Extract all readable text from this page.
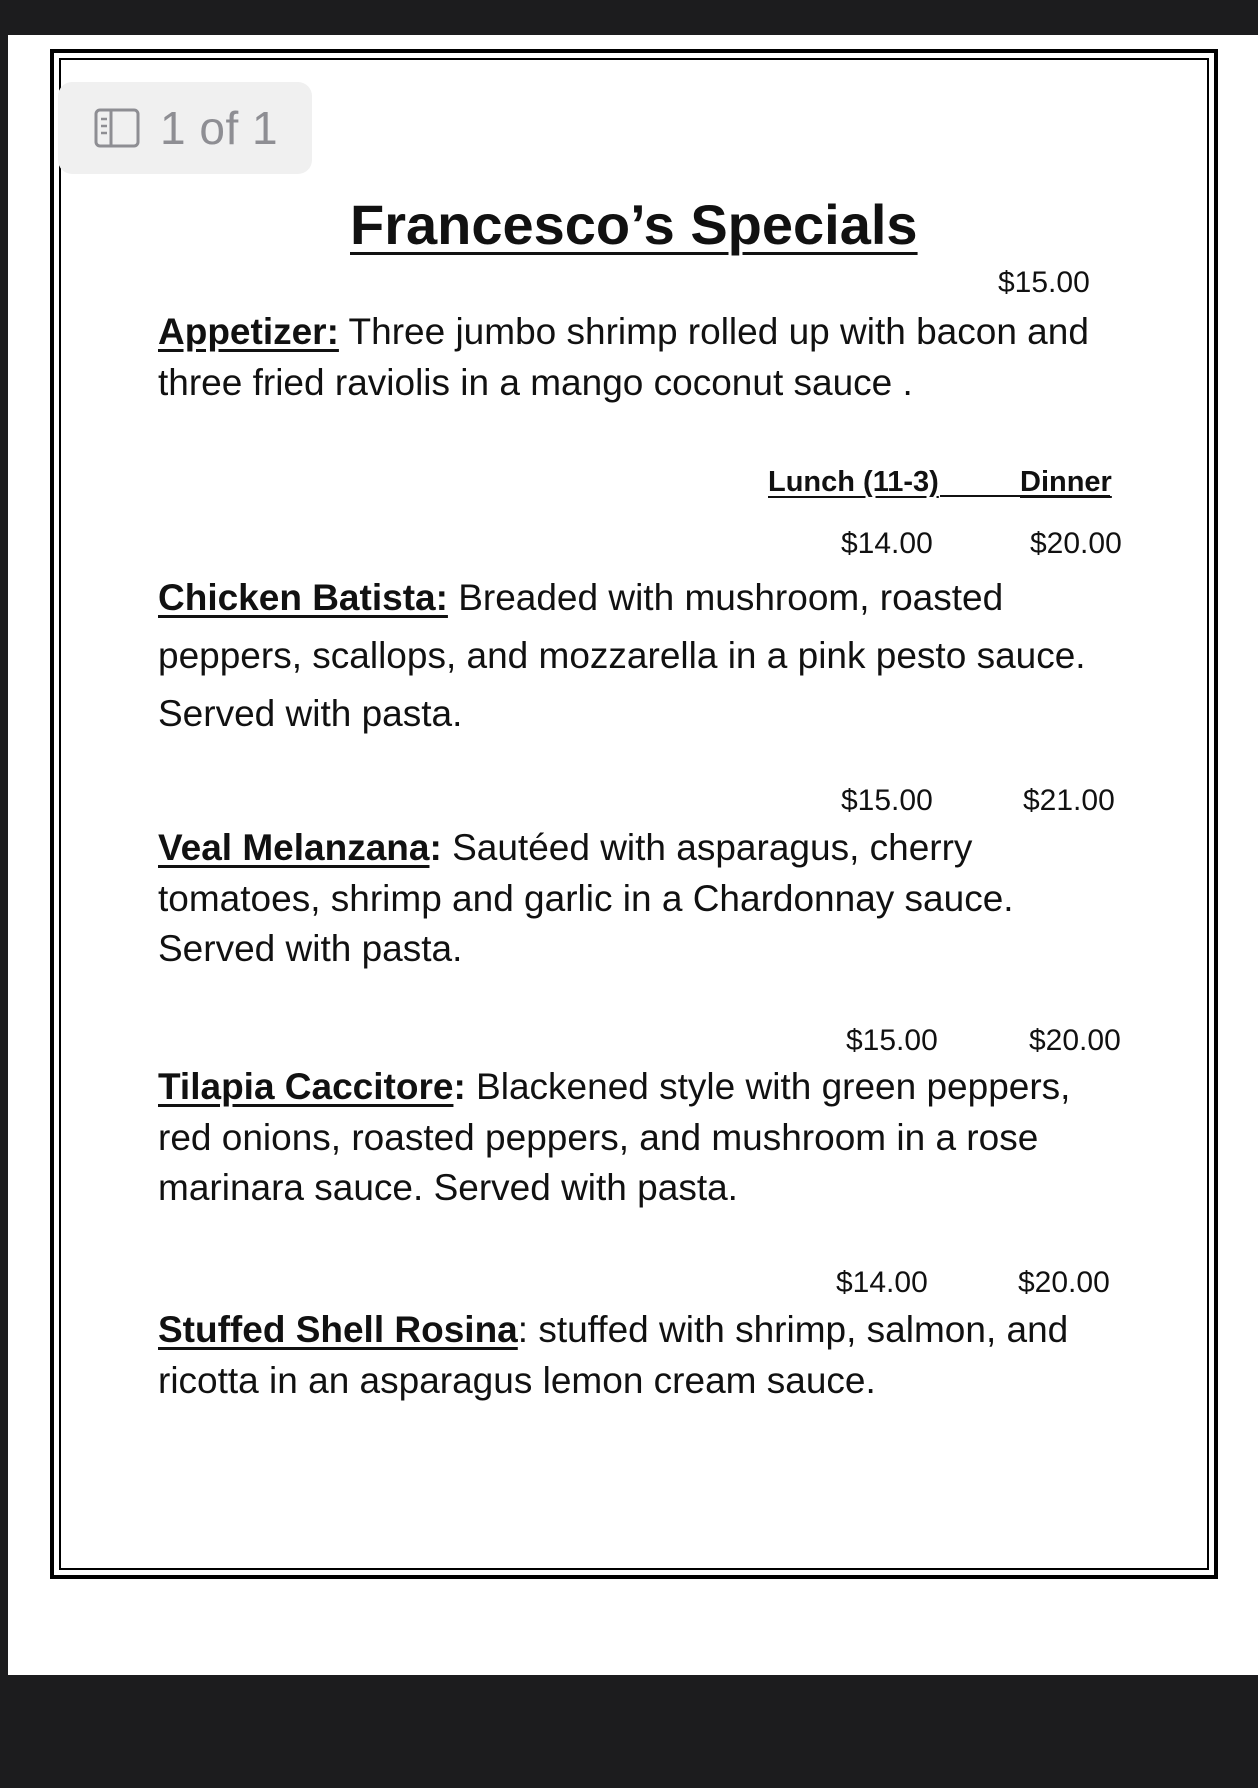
1 of 1
Francesco’s Specials
$15.00
Appetizer: Three jumbo shrimp rolled up with bacon and
three fried raviolis in a mango coconut sauce .
Lunch (11-3)	Dinner
$14.00	$20.00
Chicken Batista: Breaded with mushroom, roasted
peppers, scallops, and mozzarella in a pink pesto sauce.
Served with pasta.
$15.00	$21.00
Veal Melanzana: Sautéed with asparagus, cherry
tomatoes, shrimp and garlic in a Chardonnay sauce.
Served with pasta.
$15.00	$20.00
Tilapia Caccitore: Blackened style with green peppers,
red onions, roasted peppers, and mushroom in a rose
marinara sauce. Served with pasta.
$14.00	$20.00
Stuffed Shell Rosina: stuffed with shrimp, salmon, and
ricotta in an asparagus lemon cream sauce.
